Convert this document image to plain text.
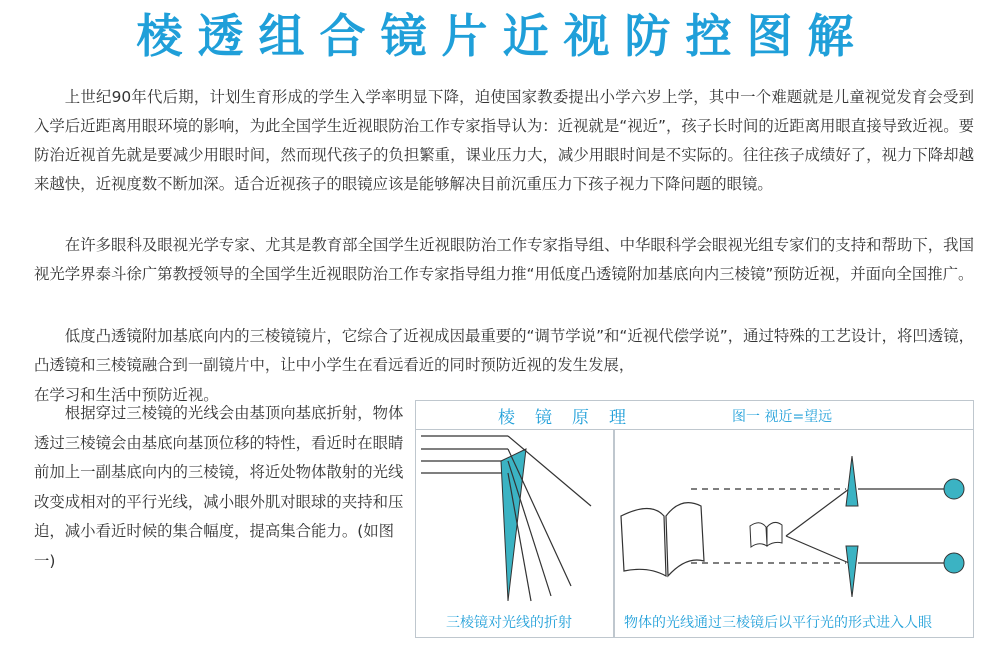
棱透组合镜片近视防控图解
上世纪90年代后期，计划生育形成的学生入学率明显下降，迫使国家教委提出小学六岁上学，其中一个难题就是儿童视觉发育会受到入学后近距离用眼环境的影响，为此全国学生近视眼防治工作专家指导认为：近视就是“视近”，孩子长时间的近距离用眼直接导致近视。要防治近视首先就是要减少用眼时间，然而现代孩子的负担繁重，课业压力大，减少用眼时间是不实际的。往往孩子成绩好了，视力下降却越来越快，近视度数不断加深。适合近视孩子的眼镜应该是能够解决目前沉重压力下孩子视力下降问题的眼镜。
在许多眼科及眼视光学专家、尤其是教育部全国学生近视眼防治工作专家指导组、中华眼科学会眼视光组专家们的支持和帮助下，我国视光学界泰斗徐广第教授领导的全国学生近视眼防治工作专家指导组力推“用低度凸透镜附加基底向内三棱镜”预防近视，并面向全国推广。
低度凸透镜附加基底向内的三棱镜镜片，它综合了近视成因最重要的“调节学说”和“近视代偿学说”，通过特殊的工艺设计，将凹透镜，凸透镜和三棱镜融合到一副镜片中，让中小学生在看远看近的同时预防近视的发生发展，
在学习和生活中预防近视。
根据穿过三棱镜的光线会由基顶向基底折射，物体透过三棱镜会由基底向基顶位移的特性，看近时在眼睛前加上一副基底向内的三棱镜，将近处物体散射的光线改变成相对的平行光线，减小眼外肌对眼球的夹持和压迫，减小看近时候的集合幅度，提高集合能力。(如图一)
棱镜原理	图一 视近=望远
三棱镜对光线的折射	物体的光线通过三棱镜后以平行光的形式进入人眼
